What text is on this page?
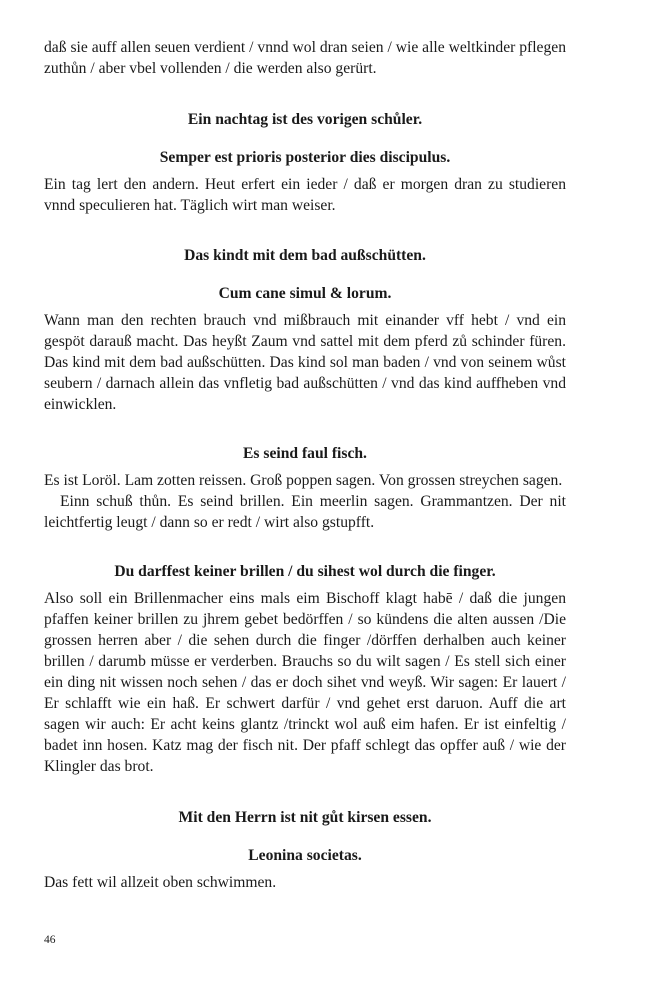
daß sie auff allen seuen verdient / vnnd wol dran seien / wie alle weltkinder pflegen zuthůn / aber vbel vollenden / die werden also gerürt.

Ein nachtag ist des vorigen schůler.
Semper est prioris posterior dies discipulus.

Ein tag lert den andern. Heut erfert ein ieder / daß er morgen dran zu studieren vnnd speculieren hat. Täglich wirt man weiser.

Das kindt mit dem bad außschütten.
Cum cane simul & lorum.

Wann man den rechten brauch vnd mißbrauch mit einander vff hebt / vnd ein gespöt darauß macht. Das heyßt Zaum vnd sattel mit dem pferd zů schinder füren. Das kind mit dem bad außschütten. Das kind sol man baden / vnd von seinem wůst seubern / darnach allein das vnfletig bad außschütten / vnd das kind auffheben vnd einwicklen.

Es seind faul fisch.

Es ist Loröl. Lam zotten reissen. Groß poppen sagen. Von grossen streychen sagen.

Einn schuß thůn. Es seind brillen. Ein meerlin sagen. Grammantzen. Der nit leichtfertig leugt / dann so er redt / wirt also gstupfft.

Du darffest keiner brillen / du sihest wol durch die finger.

Also soll ein Brillenmacher eins mals eim Bischoff klagt habē / daß die jungen pfaffen keiner brillen zu jhrem gebet bedörffen / so kündens die alten aussen /Die grossen herren aber / die sehen durch die finger /dörffen derhalben auch keiner brillen / darumb müsse er verderben. Brauchs so du wilt sagen / Es stell sich einer ein ding nit wissen noch sehen / das er doch sihet vnd weyß. Wir sagen: Er lauert / Er schlafft wie ein haß. Er schwert darfür / vnd gehet erst daruon. Auff die art sagen wir auch: Er acht keins glantz /trinckt wol auß eim hafen. Er ist einfeltig / badet inn hosen. Katz mag der fisch nit. Der pfaff schlegt das opffer auß / wie der Klingler das brot.

Mit den Herrn ist nit gůt kirsen essen.
Leonina societas.

Das fett wil allzeit oben schwimmen.

46
